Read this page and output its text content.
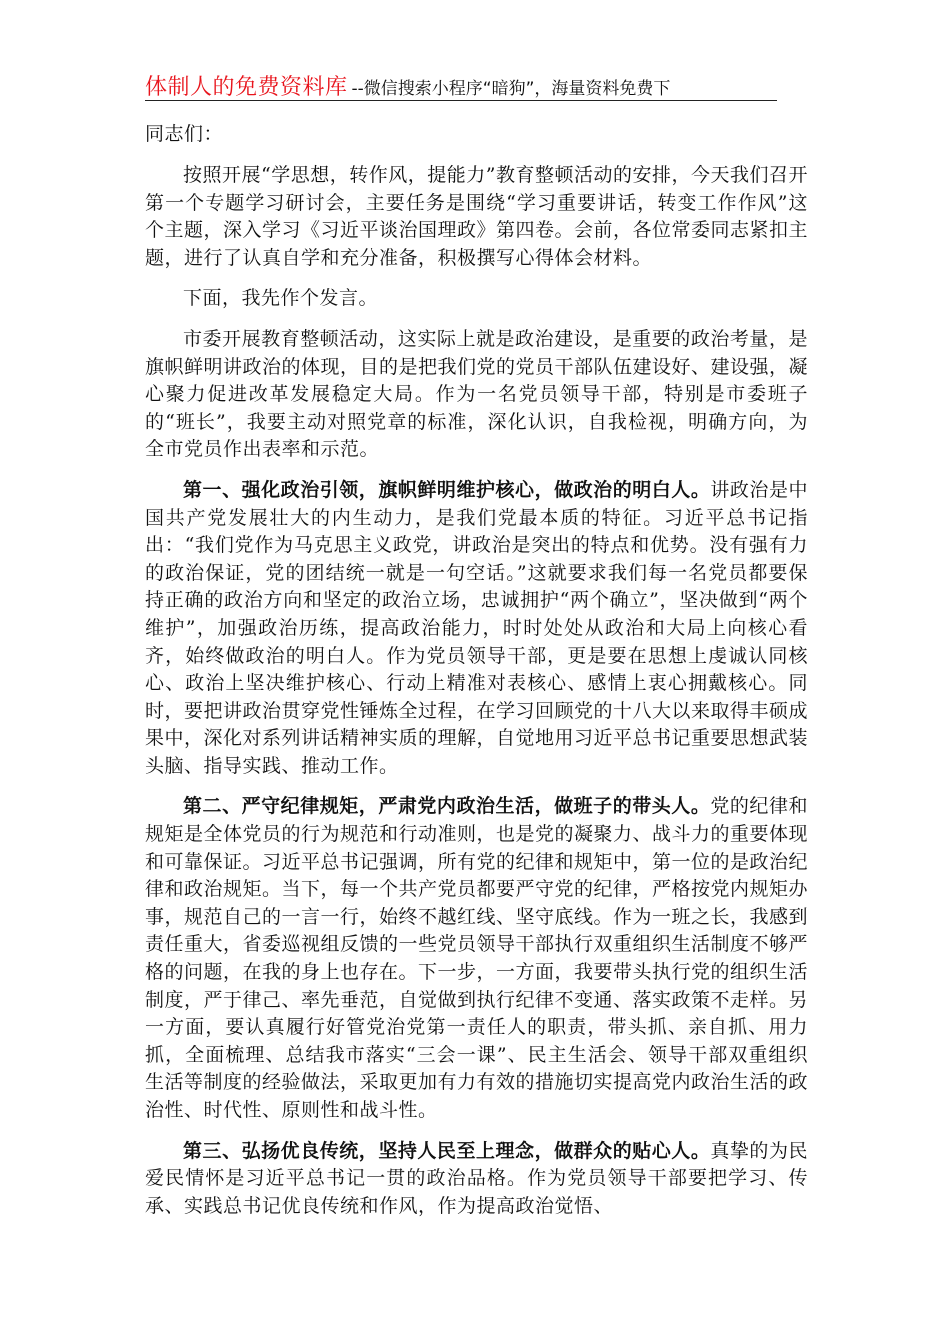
体制人的免费资料库 --微信搜索小程序“暗狗”，海量资料免费下

同志们：

按照开展“学思想，转作风，提能力”教育整顿活动的安排，今天我们召开第一个专题学习研讨会，主要任务是围绕“学习重要讲话，转变工作作风”这个主题，深入学习《习近平谈治国理政》第四卷。会前，各位常委同志紧扣主题，进行了认真自学和充分准备，积极撰写心得体会材料。

下面，我先作个发言。

市委开展教育整顿活动，这实际上就是政治建设，是重要的政治考量，是旗帜鲜明讲政治的体现，目的是把我们党的党员干部队伍建设好、建设强，凝心聚力促进改革发展稳定大局。作为一名党员领导干部，特别是市委班子的“班长”，我要主动对照党章的标准，深化认识，自我检视，明确方向，为全市党员作出表率和示范。

第一、强化政治引领，旗帜鲜明维护核心，做政治的明白人。讲政治是中国共产党发展壮大的内生动力，是我们党最本质的特征。习近平总书记指出：“我们党作为马克思主义政党，讲政治是突出的特点和优势。没有强有力的政治保证，党的团结统一就是一句空话。”这就要求我们每一名党员都要保持正确的政治方向和坚定的政治立场，忠诚拥护“两个确立”，坚决做到“两个维护”，加强政治历练，提高政治能力，时时处处从政治和大局上向核心看齐，始终做政治的明白人。作为党员领导干部，更是要在思想上虔诚认同核心、政治上坚决维护核心、行动上精准对表核心、感情上衷心拥戴核心。同时，要把讲政治贯穿党性锤炼全过程，在学习回顾党的十八大以来取得丰硕成果中，深化对系列讲话精神实质的理解，自觉地用习近平总书记重要思想武装头脑、指导实践、推动工作。

第二、严守纪律规矩，严肃党内政治生活，做班子的带头人。党的纪律和规矩是全体党员的行为规范和行动准则，也是党的凝聚力、战斗力的重要体现和可靠保证。习近平总书记强调，所有党的纪律和规矩中，第一位的是政治纪律和政治规矩。当下，每一个共产党员都要严守党的纪律，严格按党内规矩办事，规范自己的一言一行，始终不越红线、坚守底线。作为一班之长，我感到责任重大，省委巡视组反馈的一些党员领导干部执行双重组织生活制度不够严格的问题，在我的身上也存在。下一步，一方面，我要带头执行党的组织生活制度，严于律己、率先垂范，自觉做到执行纪律不变通、落实政策不走样。另一方面，要认真履行好管党治党第一责任人的职责，带头抓、亲自抓、用力抓，全面梳理、总结我市落实“三会一课”、民主生活会、领导干部双重组织生活等制度的经验做法，采取更加有力有效的措施切实提高党内政治生活的政治性、时代性、原则性和战斗性。

第三、弘扬优良传统，坚持人民至上理念，做群众的贴心人。真挚的为民爱民情怀是习近平总书记一贯的政治品格。作为党员领导干部要把学习、传承、实践总书记优良传统和作风，作为提高政治觉悟、
